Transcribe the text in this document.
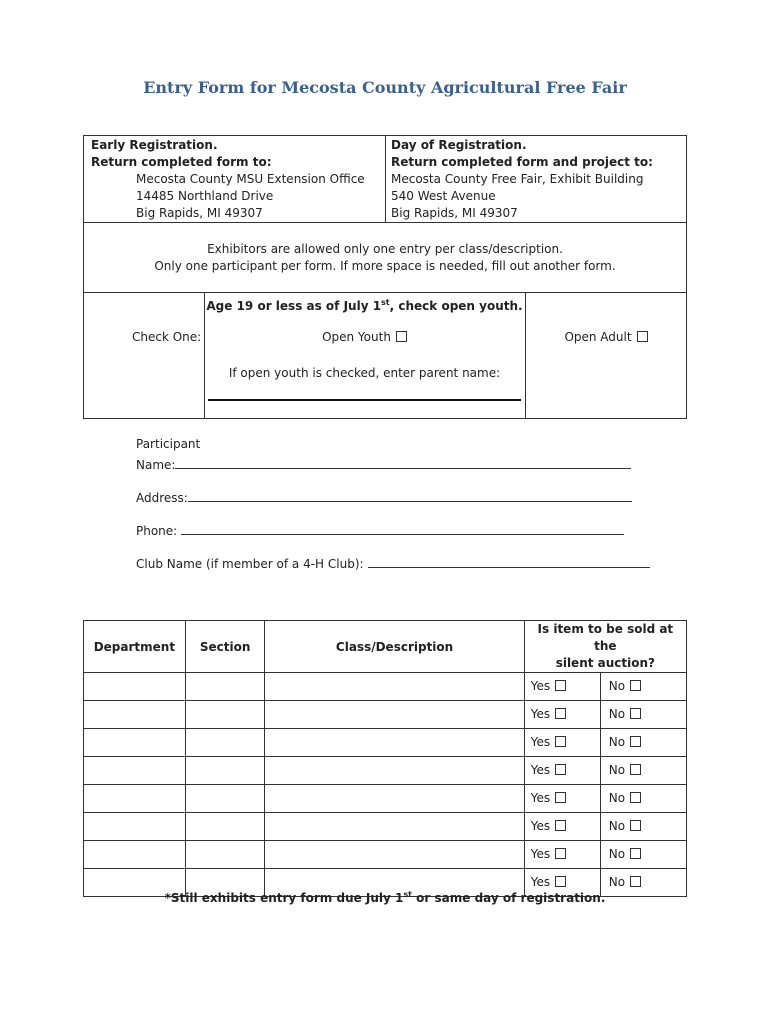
Entry Form for Mecosta County Agricultural Free Fair
Early Registration.
Return completed form to:
Mecosta County MSU Extension Office
14485 Northland Drive
Big Rapids, MI 49307
Day of Registration.
Return completed form and project to:
Mecosta County Free Fair, Exhibit Building
540 West Avenue
Big Rapids, MI 49307
Exhibitors are allowed only one entry per class/description.
Only one participant per form. If more space is needed, fill out another form.
Check One:
Age 19 or less as of July 1st, check open youth.
Open Youth	Open Adult
If open youth is checked, enter parent name:
Participant
Name:
Address:
Phone:
Club Name (if member of a 4-H Club):
Department	Section	Class/Description	Is item to be sold at the
silent auction?

			Yes No

			Yes No

			Yes No

			Yes No

			Yes No

			Yes No

			Yes No

			Yes No
*Still exhibits entry form due July 1st or same day of registration.
